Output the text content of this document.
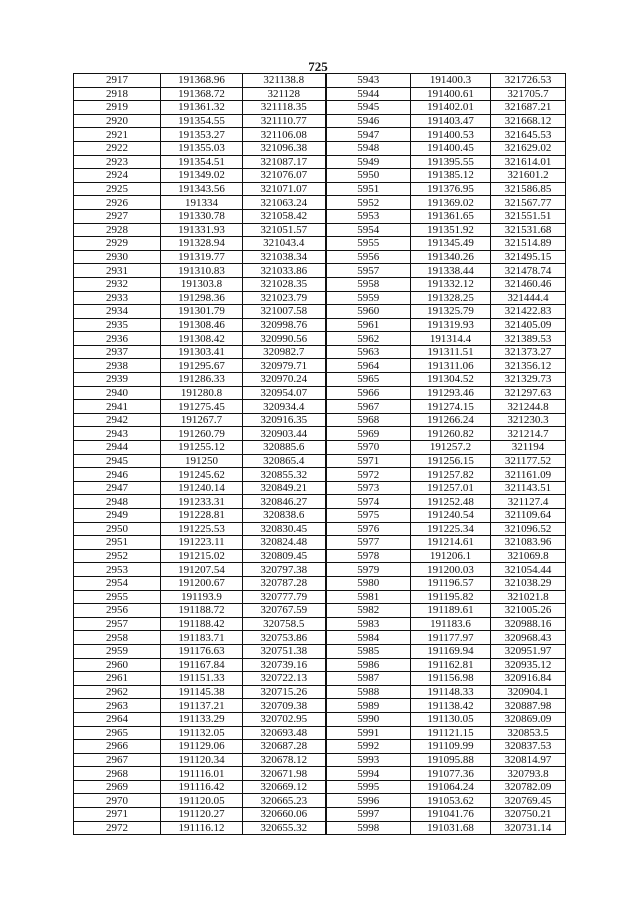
725
2917	191368.96	321138.8	5943	191400.3	321726.53
2918	191368.72	321128	5944	191400.61	321705.7
2919	191361.32	321118.35	5945	191402.01	321687.21
2920	191354.55	321110.77	5946	191403.47	321668.12
2921	191353.27	321106.08	5947	191400.53	321645.53
2922	191355.03	321096.38	5948	191400.45	321629.02
2923	191354.51	321087.17	5949	191395.55	321614.01
2924	191349.02	321076.07	5950	191385.12	321601.2
2925	191343.56	321071.07	5951	191376.95	321586.85
2926	191334	321063.24	5952	191369.02	321567.77
2927	191330.78	321058.42	5953	191361.65	321551.51
2928	191331.93	321051.57	5954	191351.92	321531.68
2929	191328.94	321043.4	5955	191345.49	321514.89
2930	191319.77	321038.34	5956	191340.26	321495.15
2931	191310.83	321033.86	5957	191338.44	321478.74
2932	191303.8	321028.35	5958	191332.12	321460.46
2933	191298.36	321023.79	5959	191328.25	321444.4
2934	191301.79	321007.58	5960	191325.79	321422.83
2935	191308.46	320998.76	5961	191319.93	321405.09
2936	191308.42	320990.56	5962	191314.4	321389.53
2937	191303.41	320982.7	5963	191311.51	321373.27
2938	191295.67	320979.71	5964	191311.06	321356.12
2939	191286.33	320970.24	5965	191304.52	321329.73
2940	191280.8	320954.07	5966	191293.46	321297.63
2941	191275.45	320934.4	5967	191274.15	321244.8
2942	191267.7	320916.35	5968	191266.24	321230.3
2943	191260.79	320903.44	5969	191260.82	321214.7
2944	191255.12	320885.6	5970	191257.2	321194
2945	191250	320865.4	5971	191256.15	321177.52
2946	191245.62	320855.32	5972	191257.82	321161.09
2947	191240.14	320849.21	5973	191257.01	321143.51
2948	191233.31	320846.27	5974	191252.48	321127.4
2949	191228.81	320838.6	5975	191240.54	321109.64
2950	191225.53	320830.45	5976	191225.34	321096.52
2951	191223.11	320824.48	5977	191214.61	321083.96
2952	191215.02	320809.45	5978	191206.1	321069.8
2953	191207.54	320797.38	5979	191200.03	321054.44
2954	191200.67	320787.28	5980	191196.57	321038.29
2955	191193.9	320777.79	5981	191195.82	321021.8
2956	191188.72	320767.59	5982	191189.61	321005.26
2957	191188.42	320758.5	5983	191183.6	320988.16
2958	191183.71	320753.86	5984	191177.97	320968.43
2959	191176.63	320751.38	5985	191169.94	320951.97
2960	191167.84	320739.16	5986	191162.81	320935.12
2961	191151.33	320722.13	5987	191156.98	320916.84
2962	191145.38	320715.26	5988	191148.33	320904.1
2963	191137.21	320709.38	5989	191138.42	320887.98
2964	191133.29	320702.95	5990	191130.05	320869.09
2965	191132.05	320693.48	5991	191121.15	320853.5
2966	191129.06	320687.28	5992	191109.99	320837.53
2967	191120.34	320678.12	5993	191095.88	320814.97
2968	191116.01	320671.98	5994	191077.36	320793.8
2969	191116.42	320669.12	5995	191064.24	320782.09
2970	191120.05	320665.23	5996	191053.62	320769.45
2971	191120.27	320660.06	5997	191041.76	320750.21
2972	191116.12	320655.32	5998	191031.68	320731.14
